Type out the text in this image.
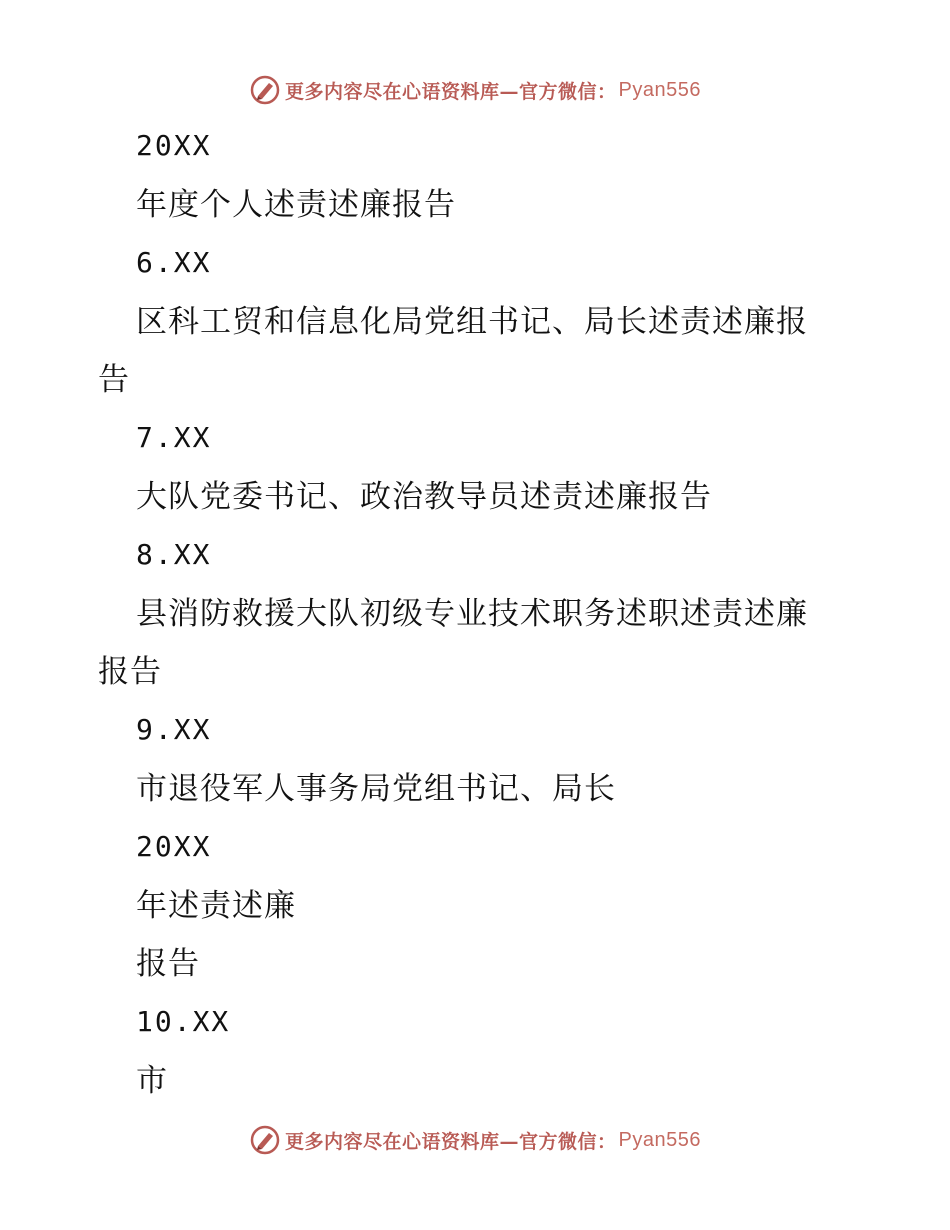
更多内容尽在心语资料库—官方微信： Pyan556
20XX
年度个人述责述廉报告
6.XX
区科工贸和信息化局党组书记、局长述责述廉报
告
7.XX
大队党委书记、政治教导员述责述廉报告
8.XX
县消防救援大队初级专业技术职务述职述责述廉
报告
9.XX
市退役军人事务局党组书记、局长
20XX
年述责述廉
报告
10.XX
市
更多内容尽在心语资料库—官方微信： Pyan556
